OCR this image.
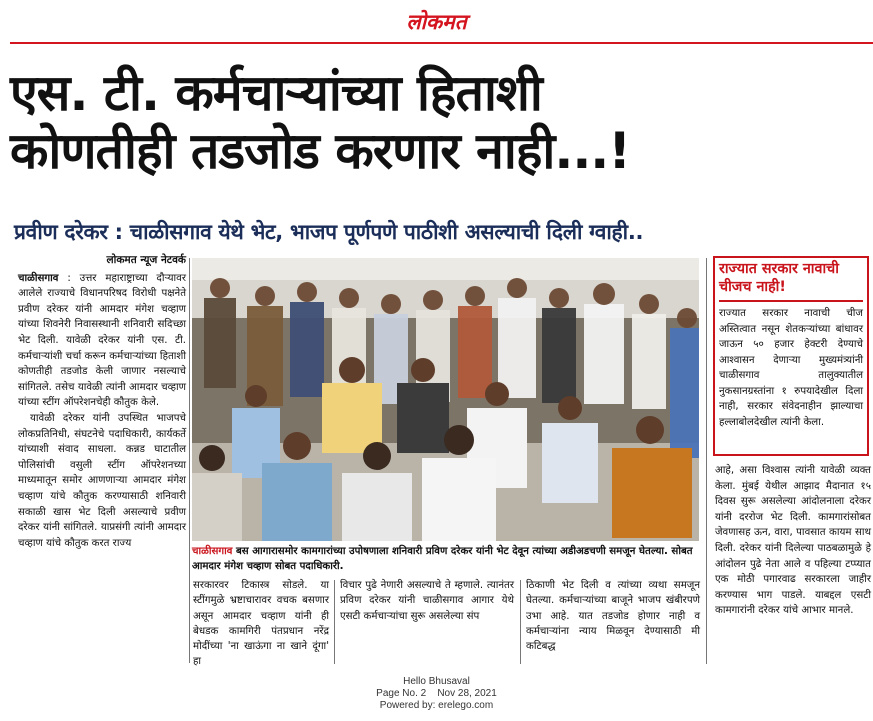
लोकमत
एस. टी. कर्मचाऱ्यांच्या हिताशी
कोणतीही तडजोड करणार नाही...!
प्रवीण दरेकर : चाळीसगाव येथे भेट, भाजप पूर्णपणे पाठीशी असल्याची दिली ग्वाही..
लोकमत न्यूज नेटवर्क

चाळीसगाव : उत्तर महाराष्ट्राच्या दौऱ्यावर आलेले राज्याचे विधानपरिषद विरोधी पक्षनेते प्रवीण दरेकर यांनी आमदार मंगेश चव्हाण यांच्या शिवनेरी निवासस्थानी शनिवारी सदिच्छा भेट दिली. यावेळी दरेकर यांनी एस. टी. कर्मचाऱ्यांशी चर्चा करून कर्मचाऱ्यांच्या हिताशी कोणतीही तडजोड केली जाणार नसल्याचे सांगितले. तसेच यावेळी त्यांनी आमदार चव्हाण यांच्या स्टींग ऑपरेशनचेही कौतुक केले.

यावेळी दरेकर यांनी उपस्थित भाजपचे लोकप्रतिनिधी, संघटनेचे पदाधिकारी, कार्यकर्ते यांच्याशी संवाद साधला. कन्नड घाटातील पोलिसांची वसुली स्टींग ऑपरेशनच्या माध्यमातून समोर आणणाऱ्या आमदार मंगेश चव्हाण यांचे कौतुक करण्यासाठी शनिवारी सकाळी खास भेट दिली असल्याचे प्रवीण दरेकर यांनी सांगितले. याप्रसंगी त्यांनी आमदार चव्हाण यांचे कौतुक करत राज्य

चाळीसगाव बस आगारासमोर कामगारांच्या उपोषणाला शनिवारी प्रविण दरेकर यांनी भेट देवून त्यांच्या अडीअडचणी समजून घेतल्या. सोबत आमदार मंगेश चव्हाण सोबत पदाधिकारी.

सरकारवर टिकास्त्र सोडले. या स्टींगमुळे भ्रष्टाचारावर वचक बसणार असून आमदार चव्हाण यांनी ही बेधडक कामगिरी पंतप्रधान नरेंद्र मोदींच्या 'ना खाऊंगा ना खाने दूंगा' हा

विचार पुढे नेणारी असल्याचे ते म्हणाले. त्यानंतर प्रविण दरेकर यांनी चाळीसगाव आगार येथे एसटी कर्मचाऱ्यांचा सुरू असलेल्या संप

ठिकाणी भेट दिली व त्यांच्या व्यथा समजून घेतल्या. कर्मचाऱ्यांच्या बाजूने भाजप खंबीरपणे उभा आहे. यात तडजोड होणार नाही व कर्मचाऱ्यांना न्याय मिळवून देण्यासाठी मी कटिबद्ध

राज्यात सरकार नावाची चीजच नाही!
राज्यात सरकार नावाची चीज अस्तित्वात नसून शेतकऱ्यांच्या बांधावर जाऊन ५० हजार हेक्टरी देण्याचे आश्वासन देणाऱ्या मुख्यमंत्र्यांनी चाळीसगाव तालुक्यातील नुकसानग्रस्तांना १ रुपयादेखील दिला नाही, सरकार संवेदनाहीन झाल्याचा हल्लाबोलदेखील त्यांनी केला.

आहे, असा विश्वास त्यांनी यावेळी व्यक्त केला. मुंबई येथील आझाद मैदानात १५ दिवस सुरू असलेल्या आंदोलनाला दरेकर यांनी दररोज भेट दिली. कामगारांसोबत जेवणासह ऊन, वारा, पावसात कायम साथ दिली. दरेकर यांनी दिलेल्या पाठबळामुळे हे आंदोलन पुढे नेता आले व पहिल्या टप्प्यात एक मोठी पगारवाढ सरकारला जाहीर करण्यास भाग पाडले. याबद्दल एसटी कामगारांनी दरेकर यांचे आभार मानले.

Hello Bhusaval
Page No. 2    Nov 28, 2021
Powered by: erelego.com
